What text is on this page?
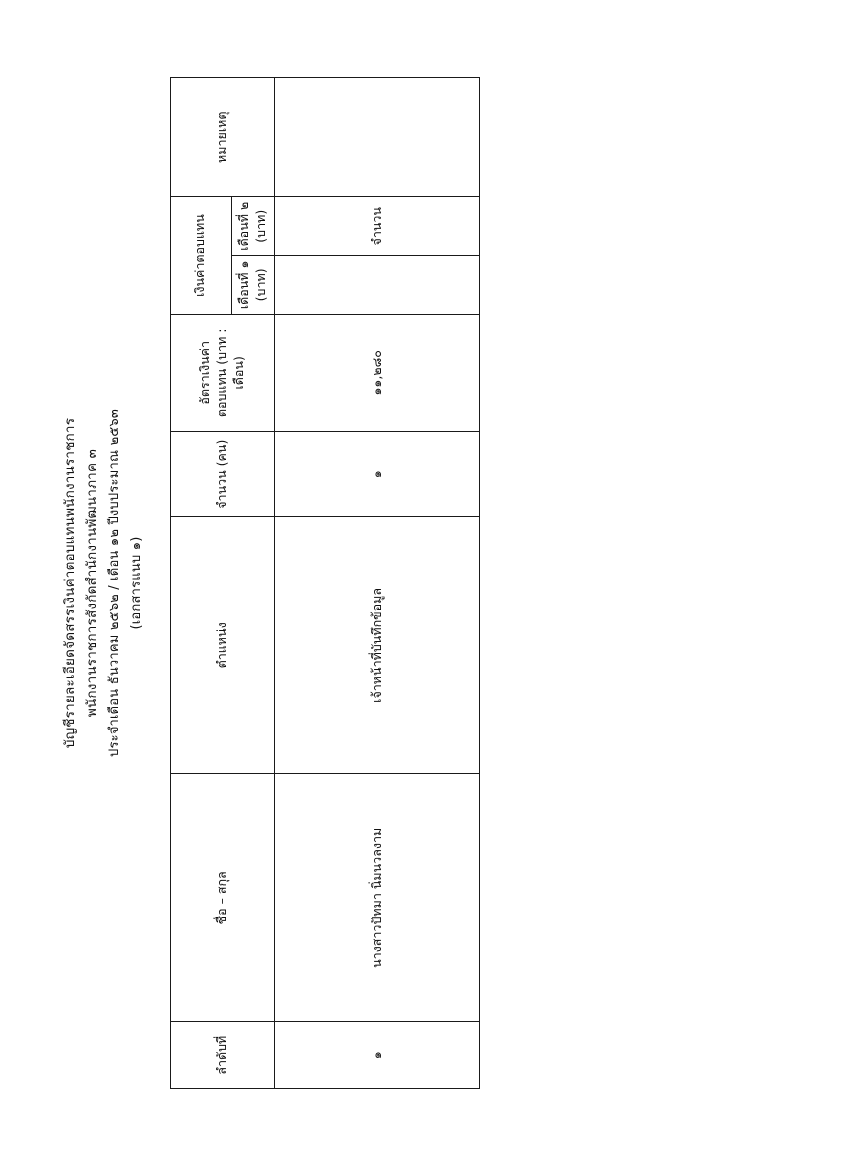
บัญชีรายละเอียดจัดสรรเงินค่าตอบแทนพนักงานราชการ พนักงานราชการสังกัดสำนักงานพัฒนาภาค ๓ ประจำเดือน ธันวาคม ๒๕๖๒ / เดือน ๑๒ ปีงบประมาณ ๒๕๖๓ (เอกสารแนบ ๑)
ลำดับที่	ชื่อ – สกุล	ตำแหน่ง	จำนวน (คน)	อัตราเงินค่าตอบแทน (บาท : เดือน)	เงินค่าตอบแทน		หมายเหตุ
					เดือนที่ ๑ (บาท)	เดือนที่ ๒ (บาท)	
๑	นางสาวปัทมา นิ่มนวลงาม	เจ้าหน้าที่บันทึกข้อมูล	๑	๑๑,๒๘๐		จำนวน	
